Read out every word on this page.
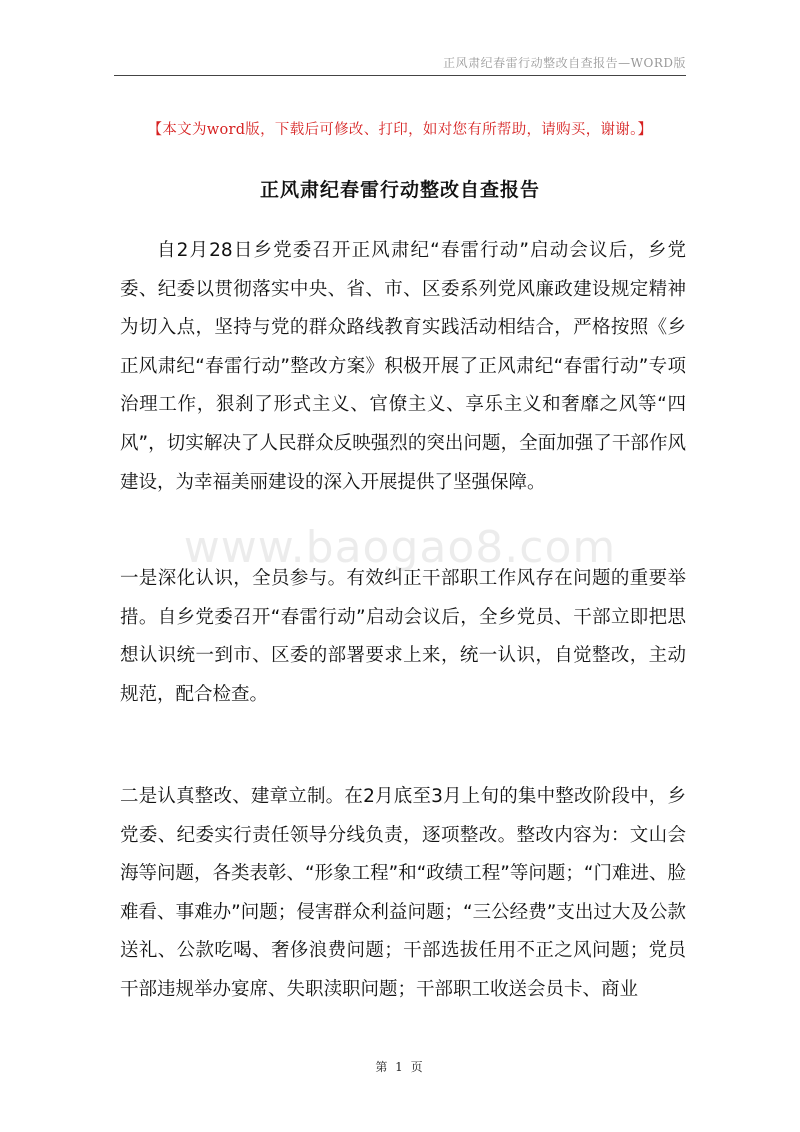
正风肃纪春雷行动整改自查报告—WORD版
【本文为word版，下载后可修改、打印，如对您有所帮助，请购买，谢谢。】
正风肃纪春雷行动整改自查报告

自2月28日乡党委召开正风肃纪“春雷行动”启动会议后，乡党委、纪委以贯彻落实中央、省、市、区委系列党风廉政建设规定精神为切入点，坚持与党的群众路线教育实践活动相结合，严格按照《乡正风肃纪“春雷行动”整改方案》积极开展了正风肃纪“春雷行动”专项治理工作，狠刹了形式主义、官僚主义、享乐主义和奢靡之风等“四风”，切实解决了人民群众反映强烈的突出问题，全面加强了干部作风建设，为幸福美丽建设的深入开展提供了坚强保障。

www.baogao8.com

一是深化认识，全员参与。有效纠正干部职工作风存在问题的重要举措。自乡党委召开“春雷行动”启动会议后，全乡党员、干部立即把思想认识统一到市、区委的部署要求上来，统一认识，自觉整改，主动规范，配合检查。

二是认真整改、建章立制。在2月底至3月上旬的集中整改阶段中，乡党委、纪委实行责任领导分线负责，逐项整改。整改内容为：文山会海等问题，各类表彰、“形象工程”和“政绩工程”等问题；“门难进、脸难看、事难办”问题；侵害群众利益问题；“三公经费”支出过大及公款送礼、公款吃喝、奢侈浪费问题；干部选拔任用不正之风问题；党员干部违规举办宴席、失职渎职问题；干部职工收送会员卡、商业

第 1 页
